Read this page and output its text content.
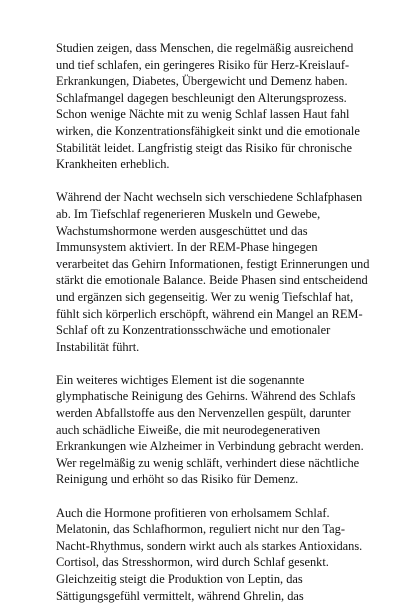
Studien zeigen, dass Menschen, die regelmäßig ausreichend
und tief schlafen, ein geringeres Risiko für Herz-Kreislauf-
Erkrankungen, Diabetes, Übergewicht und Demenz haben.
Schlafmangel dagegen beschleunigt den Alterungsprozess.
Schon wenige Nächte mit zu wenig Schlaf lassen Haut fahl
wirken, die Konzentrationsfähigkeit sinkt und die emotionale
Stabilität leidet. Langfristig steigt das Risiko für chronische
Krankheiten erheblich.

Während der Nacht wechseln sich verschiedene Schlafphasen
ab. Im Tiefschlaf regenerieren Muskeln und Gewebe,
Wachstumshormone werden ausgeschüttet und das
Immunsystem aktiviert. In der REM-Phase hingegen
verarbeitet das Gehirn Informationen, festigt Erinnerungen und
stärkt die emotionale Balance. Beide Phasen sind entscheidend
und ergänzen sich gegenseitig. Wer zu wenig Tiefschlaf hat,
fühlt sich körperlich erschöpft, während ein Mangel an REM-
Schlaf oft zu Konzentrationsschwäche und emotionaler
Instabilität führt.

Ein weiteres wichtiges Element ist die sogenannte
glymphatische Reinigung des Gehirns. Während des Schlafs
werden Abfallstoffe aus den Nervenzellen gespült, darunter
auch schädliche Eiweiße, die mit neurodegenerativen
Erkrankungen wie Alzheimer in Verbindung gebracht werden.
Wer regelmäßig zu wenig schläft, verhindert diese nächtliche
Reinigung und erhöht so das Risiko für Demenz.

Auch die Hormone profitieren von erholsamem Schlaf.
Melatonin, das Schlafhormon, reguliert nicht nur den Tag-
Nacht-Rhythmus, sondern wirkt auch als starkes Antioxidans.
Cortisol, das Stresshormon, wird durch Schlaf gesenkt.
Gleichzeitig steigt die Produktion von Leptin, das
Sättigungsgefühl vermittelt, während Ghrelin, das
